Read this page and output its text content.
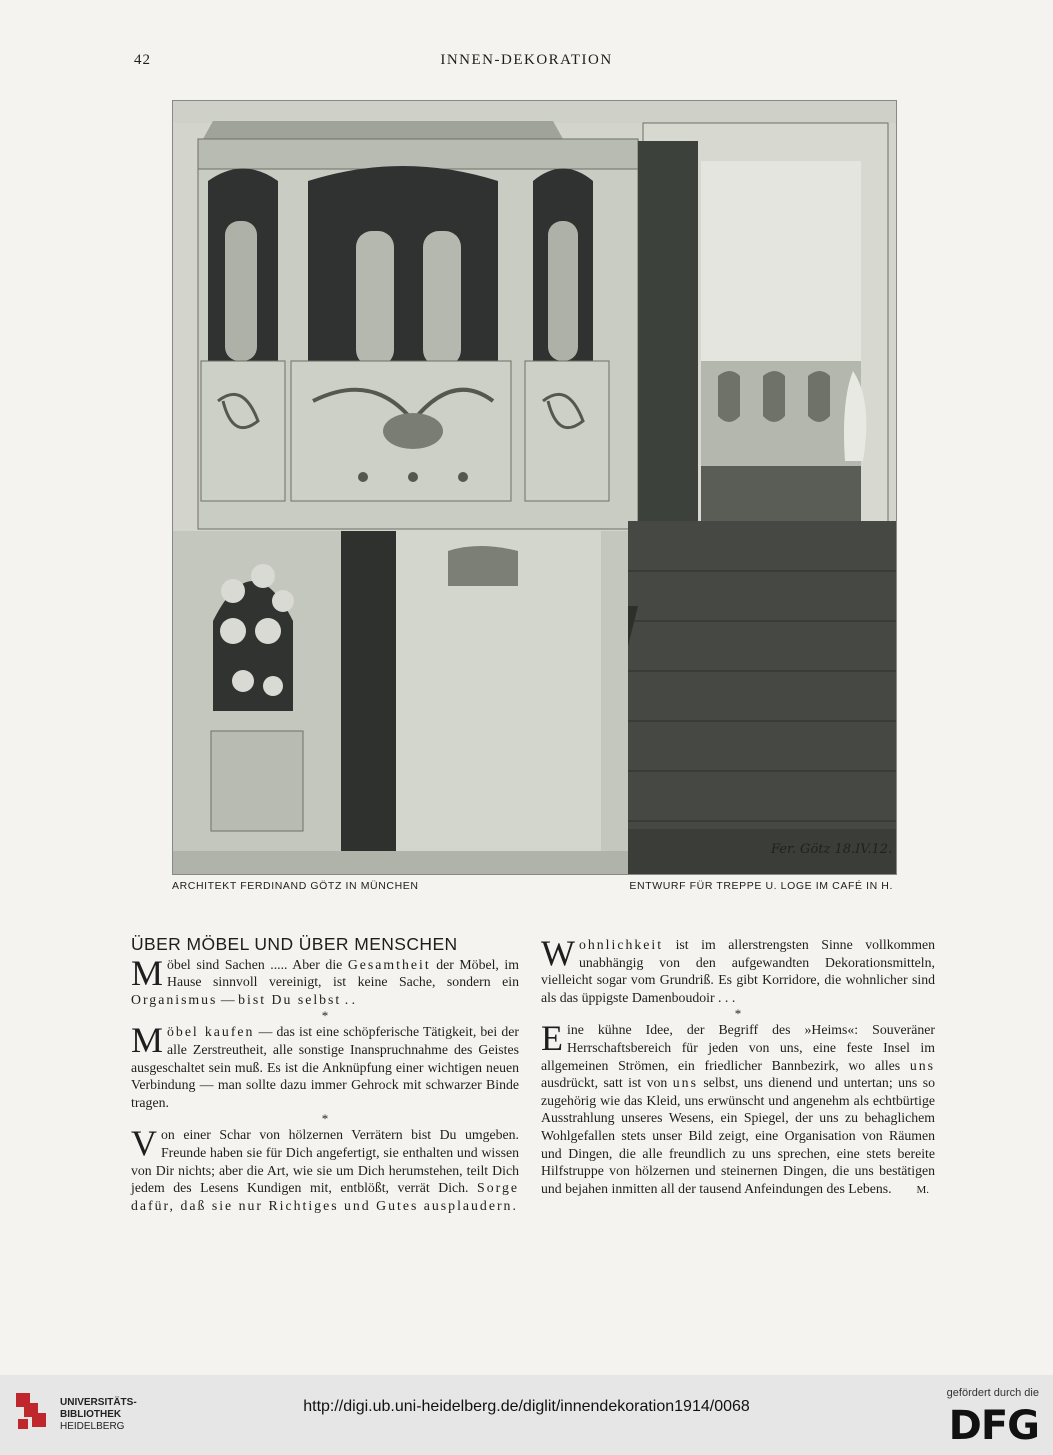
42	INNEN-DEKORATION
Fer. Götz 18.IV.12.
ARCHITEKT FERDINAND GÖTZ IN MÜNCHEN	ENTWURF FÜR TREPPE U. LOGE IM CAFÉ IN H.
ÜBER MÖBEL UND ÜBER MENSCHEN

Möbel sind Sachen ..... Aber die Gesamtheit der Möbel, im Hause sinnvoll vereinigt, ist keine Sache, sondern ein Organismus — bist Du selbst . .

*

Möbel kaufen — das ist eine schöpferische Tätigkeit, bei der alle Zerstreutheit, alle sonstige Inanspruchnahme des Geistes ausgeschaltet sein muß. Es ist die Anknüpfung einer wichtigen neuen Verbindung — man sollte dazu immer Gehrock mit schwarzer Binde tragen.

*

Von einer Schar von hölzernen Verrätern bist Du umgeben. Freunde haben sie für Dich angefertigt, sie enthalten und wissen von Dir nichts; aber die Art, wie sie um Dich herumstehen, teilt Dich jedem des Lesens Kundigen mit, entblößt, verrät Dich. Sorge dafür, daß sie nur Richtiges und Gutes ausplaudern.

Wohnlichkeit ist im allerstrengsten Sinne vollkommen unabhängig von den aufgewandten Dekorationsmitteln, vielleicht sogar vom Grundriß. Es gibt Korridore, die wohnlicher sind als das üppigste Damenboudoir . . .

*

Eine kühne Idee, der Begriff des »Heims«: Souveräner Herrschaftsbereich für jeden von uns, eine feste Insel im allgemeinen Strömen, ein friedlicher Bannbezirk, wo alles uns ausdrückt, satt ist von uns selbst, uns dienend und untertan; uns so zugehörig wie das Kleid, uns erwünscht und angenehm als echtbürtige Ausstrahlung unseres Wesens, ein Spiegel, der uns zu behaglichem Wohlgefallen stets unser Bild zeigt, eine Organisation von Räumen und Dingen, die alle freundlich zu uns sprechen, eine stets bereite Hilfstruppe von hölzernen und steinernen Dingen, die uns bestätigen und bejahen inmitten all der tausend Anfeindungen des Lebens. M.

UNIVERSITÄTS-
BIBLIOTHEK
HEIDELBERG
http://digi.ub.uni-heidelberg.de/diglit/innendekoration1914/0068
gefördert durch die
DFG
